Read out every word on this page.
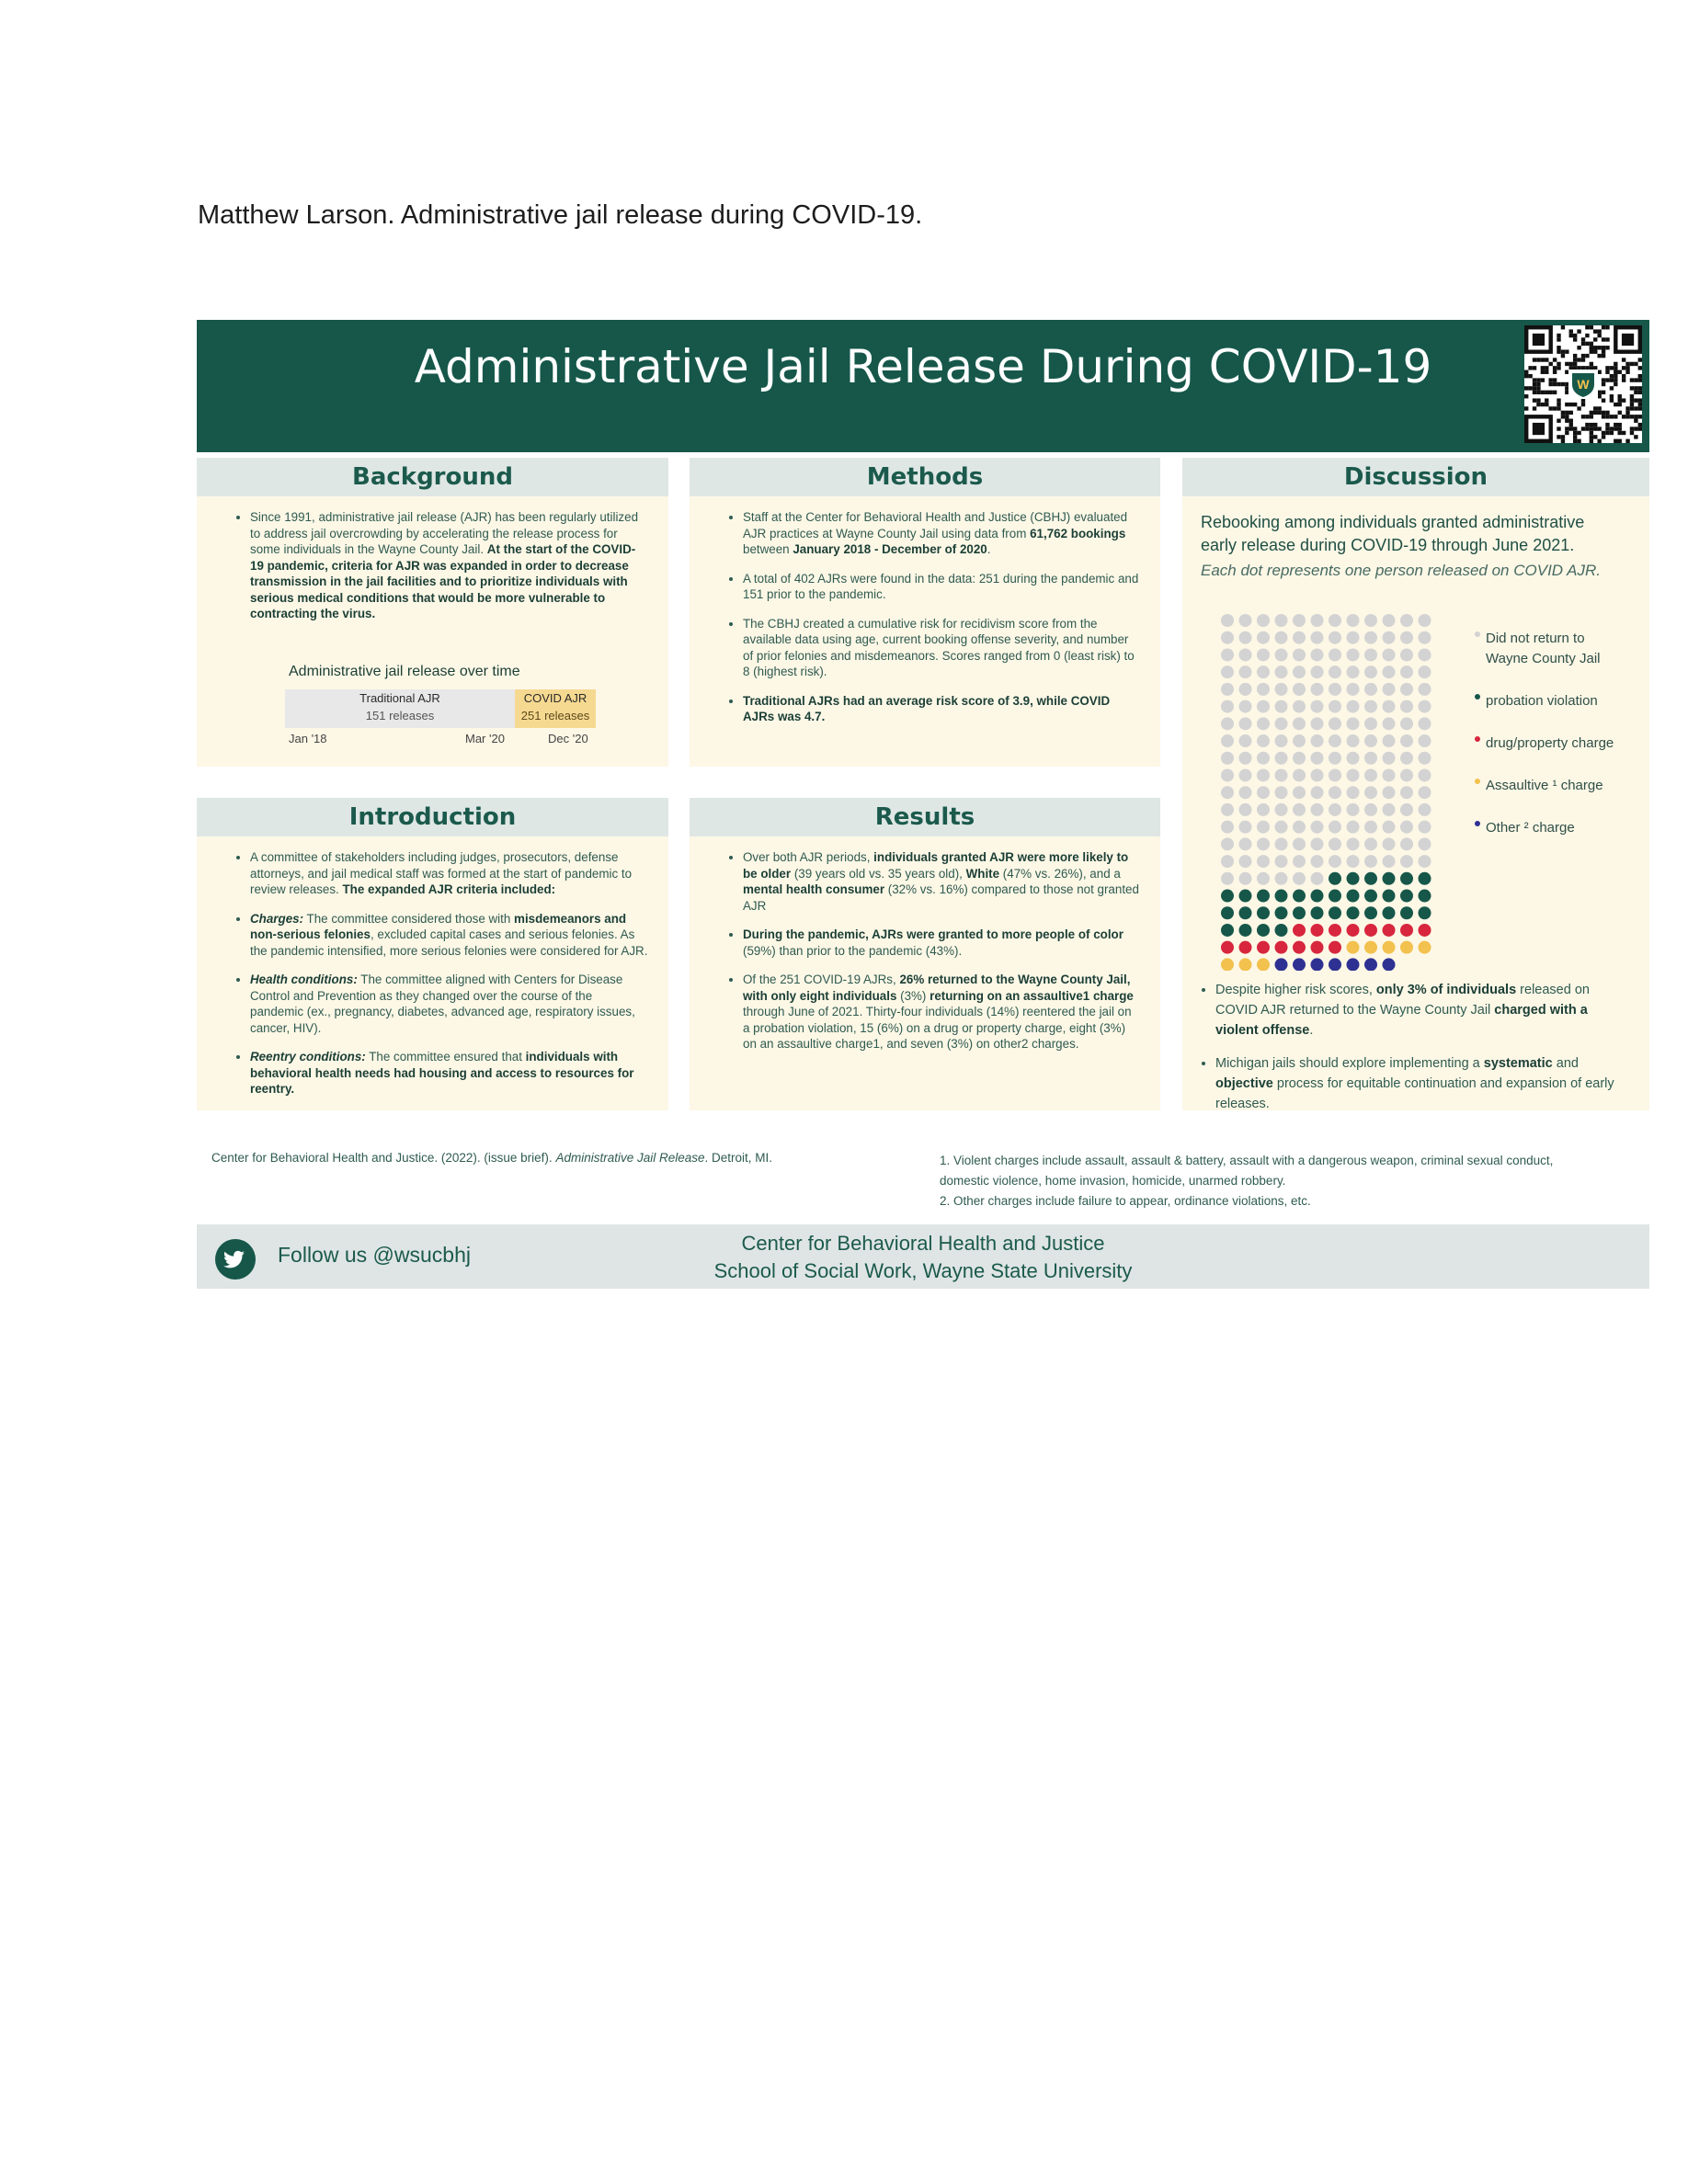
Matthew Larson. Administrative jail release during COVID-19.
Administrative Jail Release During COVID-19	W
Background
• Since 1991, administrative jail release (AJR) has been regularly utilized to address jail overcrowding by accelerating the release process for some individuals in the Wayne County Jail. At the start of the COVID-19 pandemic, criteria for AJR was expanded in order to decrease transmission in the jail facilities and to prioritize individuals with serious medical conditions that would be more vulnerable to contracting the virus.
Administrative jail release over time
Traditional AJR
151 releases
COVID AJR
251 releases
Jan '18	Mar '20	Dec '20
Methods
• Staff at the Center for Behavioral Health and Justice (CBHJ) evaluated AJR practices at Wayne County Jail using data from 61,762 bookings between January 2018 - December of 2020.
• A total of 402 AJRs were found in the data: 251 during the pandemic and 151 prior to the pandemic.
• The CBHJ created a cumulative risk for recidivism score from the available data using age, current booking offense severity, and number of prior felonies and misdemeanors. Scores ranged from 0 (least risk) to 8 (highest risk).
• Traditional AJRs had an average risk score of 3.9, while COVID AJRs was 4.7.
Introduction
• A committee of stakeholders including judges, prosecutors, defense attorneys, and jail medical staff was formed at the start of pandemic to review releases. The expanded AJR criteria included:
• Charges: The committee considered those with misdemeanors and non-serious felonies, excluded capital cases and serious felonies. As the pandemic intensified, more serious felonies were considered for AJR.
• Health conditions: The committee aligned with Centers for Disease Control and Prevention as they changed over the course of the pandemic (ex., pregnancy, diabetes, advanced age, respiratory issues, cancer, HIV).
• Reentry conditions: The committee ensured that individuals with behavioral health needs had housing and access to resources for reentry.
Results
• Over both AJR periods, individuals granted AJR were more likely to be older (39 years old vs. 35 years old), White (47% vs. 26%), and a mental health consumer (32% vs. 16%) compared to those not granted AJR
• During the pandemic, AJRs were granted to more people of color (59%) than prior to the pandemic (43%).
• Of the 251 COVID-19 AJRs, 26% returned to the Wayne County Jail, with only eight individuals (3%) returning on an assaultive1 charge through June of 2021. Thirty-four individuals (14%) reentered the jail on a probation violation, 15 (6%) on a drug or property charge, eight (3%) on an assaultive charge1, and seven (3%) on other2 charges.
Discussion
Rebooking among individuals granted administrative early release during COVID-19 through June 2021.
Each dot represents one person released on COVID AJR.
Did not return to Wayne County Jail
probation violation
drug/property charge
Assaultive ¹ charge
Other ² charge
• Despite higher risk scores, only 3% of individuals released on COVID AJR returned to the Wayne County Jail charged with a violent offense.
• Michigan jails should explore implementing a systematic and objective process for equitable continuation and expansion of early releases.
Center for Behavioral Health and Justice. (2022). (issue brief). Administrative Jail Release. Detroit, MI.	1. Violent charges include assault, assault & battery, assault with a dangerous weapon, criminal sexual conduct, domestic violence, home invasion, homicide, unarmed robbery.
2. Other charges include failure to appear, ordinance violations, etc.
Follow us @wsucbhj	Center for Behavioral Health and Justice
School of Social Work, Wayne State University
